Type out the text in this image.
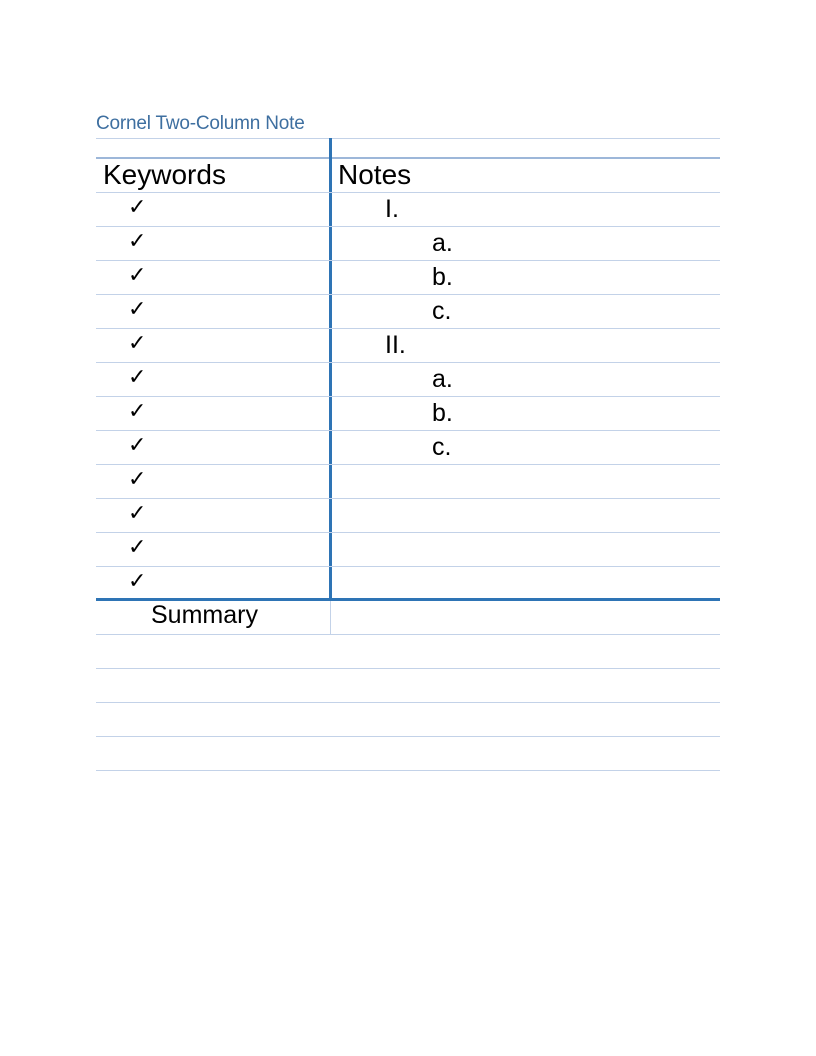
Cornel Two-Column Note
Keywords	Notes
Summary
✓
✓
✓
✓
✓
✓
✓
✓
✓
✓
✓
✓
I.
a.
b.
c.
II.
a.
b.
c.
